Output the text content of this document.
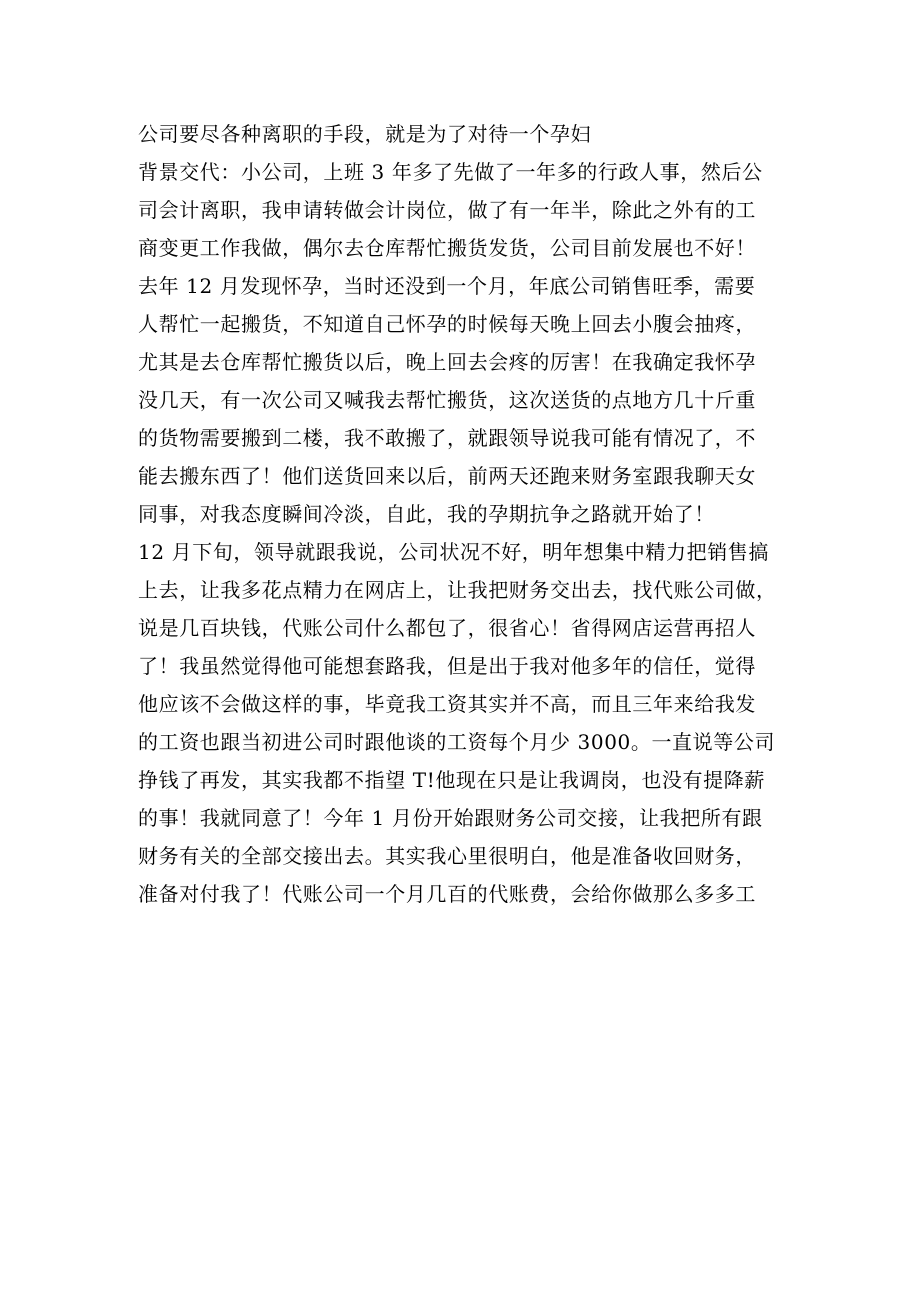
公司要尽各种离职的手段，就是为了对待一个孕妇
背景交代：小公司，上班 3 年多了先做了一年多的行政人事，然后公
司会计离职，我申请转做会计岗位，做了有一年半，除此之外有的工
商变更工作我做，偶尔去仓库帮忙搬货发货，公司目前发展也不好！
去年 12 月发现怀孕，当时还没到一个月，年底公司销售旺季，需要
人帮忙一起搬货，不知道自己怀孕的时候每天晚上回去小腹会抽疼，
尤其是去仓库帮忙搬货以后，晚上回去会疼的厉害！在我确定我怀孕
没几天，有一次公司又喊我去帮忙搬货，这次送货的点地方几十斤重
的货物需要搬到二楼，我不敢搬了，就跟领导说我可能有情况了，不
能去搬东西了！他们送货回来以后，前两天还跑来财务室跟我聊天女
同事，对我态度瞬间冷淡，自此，我的孕期抗争之路就开始了！
12 月下旬，领导就跟我说，公司状况不好，明年想集中精力把销售搞
上去，让我多花点精力在网店上，让我把财务交出去，找代账公司做，
说是几百块钱，代账公司什么都包了，很省心！省得网店运营再招人
了！我虽然觉得他可能想套路我，但是出于我对他多年的信任，觉得
他应该不会做这样的事，毕竟我工资其实并不高，而且三年来给我发
的工资也跟当初进公司时跟他谈的工资每个月少 3000。一直说等公司
挣钱了再发，其实我都不指望 T!他现在只是让我调岗，也没有提降薪
的事！我就同意了！今年 1 月份开始跟财务公司交接，让我把所有跟
财务有关的全部交接出去。其实我心里很明白，他是准备收回财务，
准备对付我了！代账公司一个月几百的代账费，会给你做那么多多工
